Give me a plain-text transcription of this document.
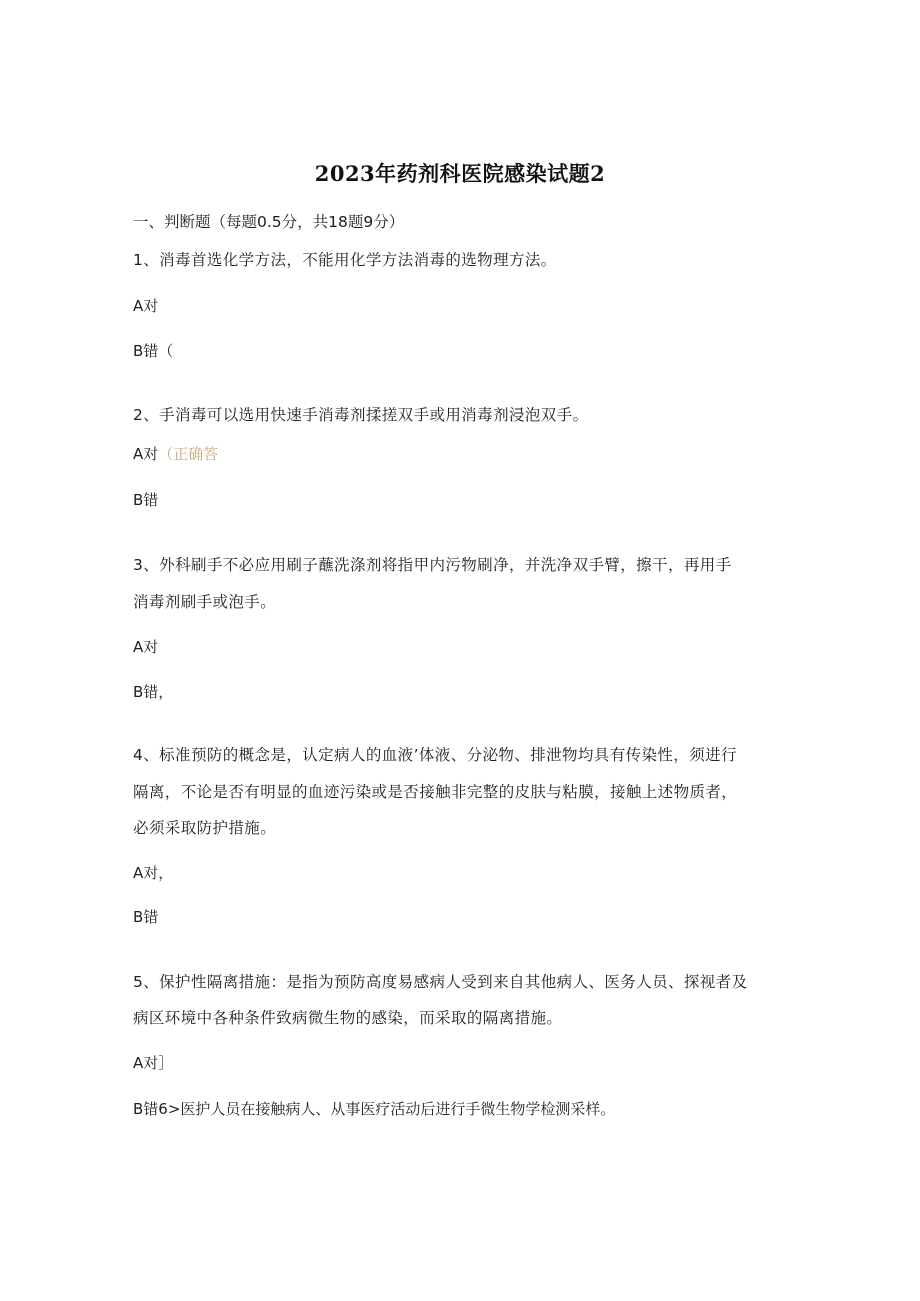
2023年药剂科医院感染试题2
一、判断题（每题0.5分，共18题9分）
1、消毒首选化学方法，不能用化学方法消毒的选物理方法。
A对
B错（
2、手消毒可以选用快速手消毒剂揉搓双手或用消毒剂浸泡双手。
A对（正确答
B错
3、外科刷手不必应用刷子蘸洗涤剂将指甲内污物刷净，并洗净双手臂，擦干，再用手
消毒剂刷手或泡手。
A对
B错，
4、标准预防的概念是，认定病人的血液’体液、分泌物、排泄物均具有传染性，须进行
隔离，不论是否有明显的血迹污染或是否接触非完整的皮肤与粘膜，接触上述物质者，
必须采取防护措施。
A对，
B错
5、保护性隔离措施：是指为预防高度易感病人受到来自其他病人、医务人员、探视者及
病区环境中各种条件致病微生物的感染，而采取的隔离措施。
A对］
B错6>医护人员在接触病人、从事医疗活动后进行手微生物学检测采样。
